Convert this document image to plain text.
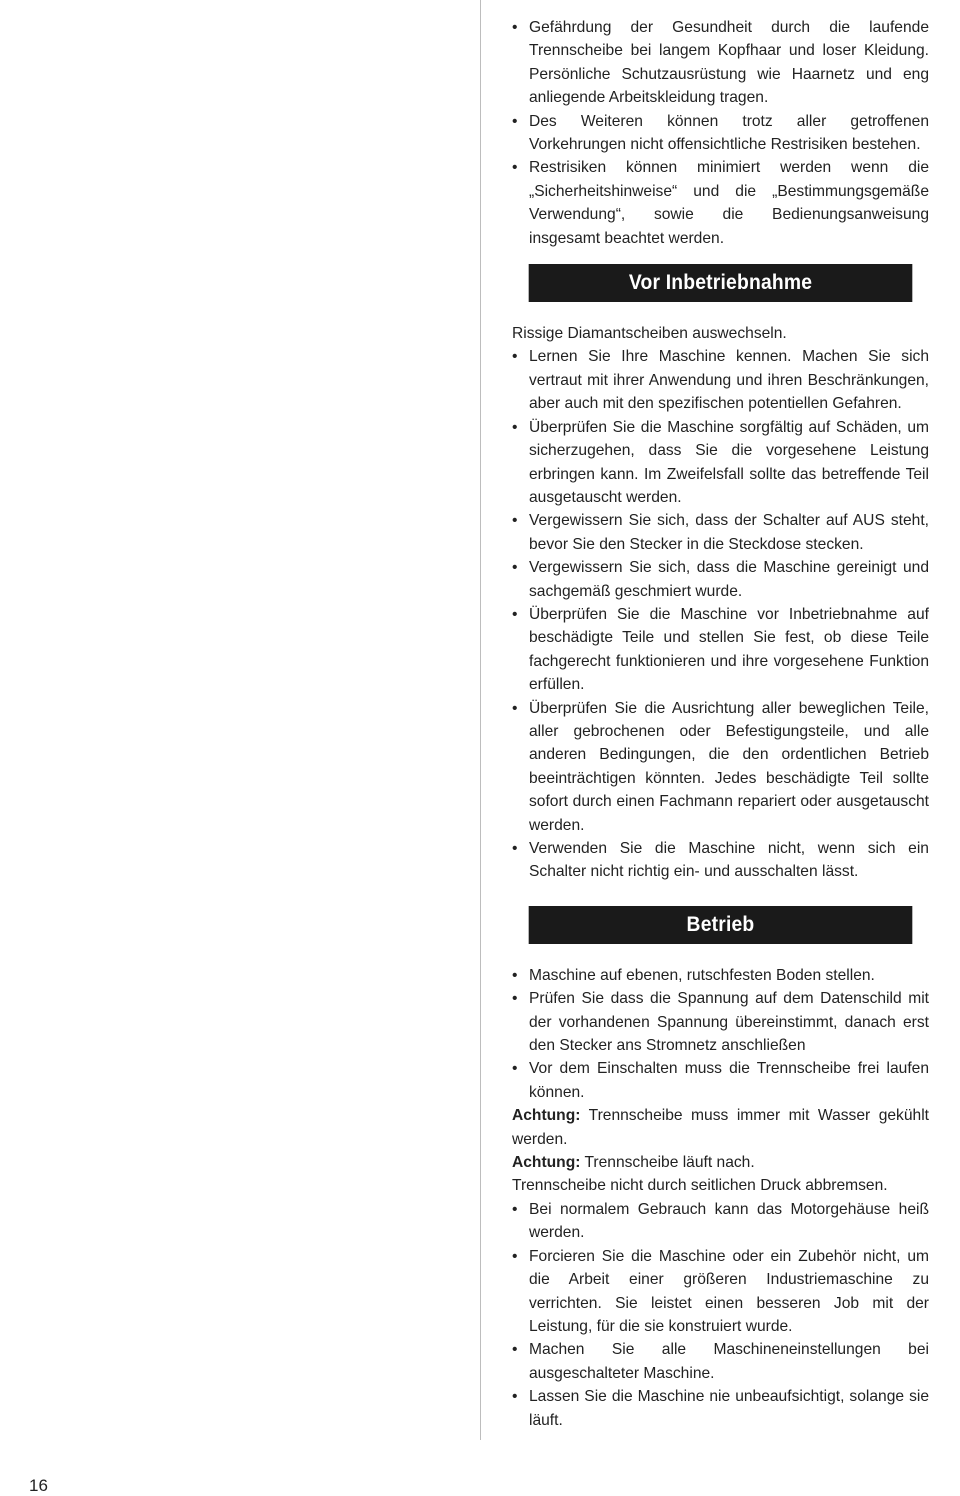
• Gefährdung der Gesundheit durch die laufende Trennscheibe bei langem Kopfhaar und loser Kleidung. Persönliche Schutzausrüstung wie Haarnetz und eng anliegende Arbeitskleidung tragen.
• Des Weiteren können trotz aller getroffenen Vorkehrungen nicht offensichtliche Restrisiken bestehen.
• Restrisiken können minimiert werden wenn die „Sicherheitshinweise“ und die „Bestimmungsgemäße Verwendung“, sowie die Bedienungsanweisung insgesamt beachtet werden.
Vor Inbetriebnahme

Rissige Diamantscheiben auswechseln.

• Lernen Sie Ihre Maschine kennen. Machen Sie sich vertraut mit ihrer Anwendung und ihren Beschränkungen, aber auch mit den spezifischen potentiellen Gefahren.
• Überprüfen Sie die Maschine sorgfältig auf Schäden, um sicherzugehen, dass Sie die vorgesehene Leistung erbringen kann. Im Zweifelsfall sollte das betreffende Teil ausgetauscht werden.
• Vergewissern Sie sich, dass der Schalter auf AUS steht, bevor Sie den Stecker in die Steckdose stecken.
• Vergewissern Sie sich, dass die Maschine gereinigt und sachgemäß geschmiert wurde.
• Überprüfen Sie die Maschine vor Inbetriebnahme auf beschädigte Teile und stellen Sie fest, ob diese Teile fachgerecht funktionieren und ihre vorgesehene Funktion erfüllen.
• Überprüfen Sie die Ausrichtung aller beweglichen Teile, aller gebrochenen oder Befestigungsteile, und alle anderen Bedingungen, die den ordentlichen Betrieb beeinträchtigen könnten. Jedes beschädigte Teil sollte sofort durch einen Fachmann repariert oder ausgetauscht werden.
• Verwenden Sie die Maschine nicht, wenn sich ein Schalter nicht richtig ein- und ausschalten lässt.
Betrieb
• Maschine auf ebenen, rutschfesten Boden stellen.
• Prüfen Sie dass die Spannung auf dem Datenschild mit der vorhandenen Spannung übereinstimmt, danach erst den Stecker ans Stromnetz anschließen
• Vor dem Einschalten muss die Trennscheibe frei laufen können.

Achtung: Trennscheibe muss immer mit Wasser gekühlt werden.

Achtung: Trennscheibe läuft nach.

Trennscheibe nicht durch seitlichen Druck abbremsen.

• Bei normalem Gebrauch kann das Motorgehäuse heiß werden.
• Forcieren Sie die Maschine oder ein Zubehör nicht, um die Arbeit einer größeren Industriemaschine zu verrichten. Sie leistet einen besseren Job mit der Leistung, für die sie konstruiert wurde.
• Machen Sie alle Maschineneinstellungen bei ausgeschalteter Maschine.
• Lassen Sie die Maschine nie unbeaufsichtigt, solange sie läuft.
16
